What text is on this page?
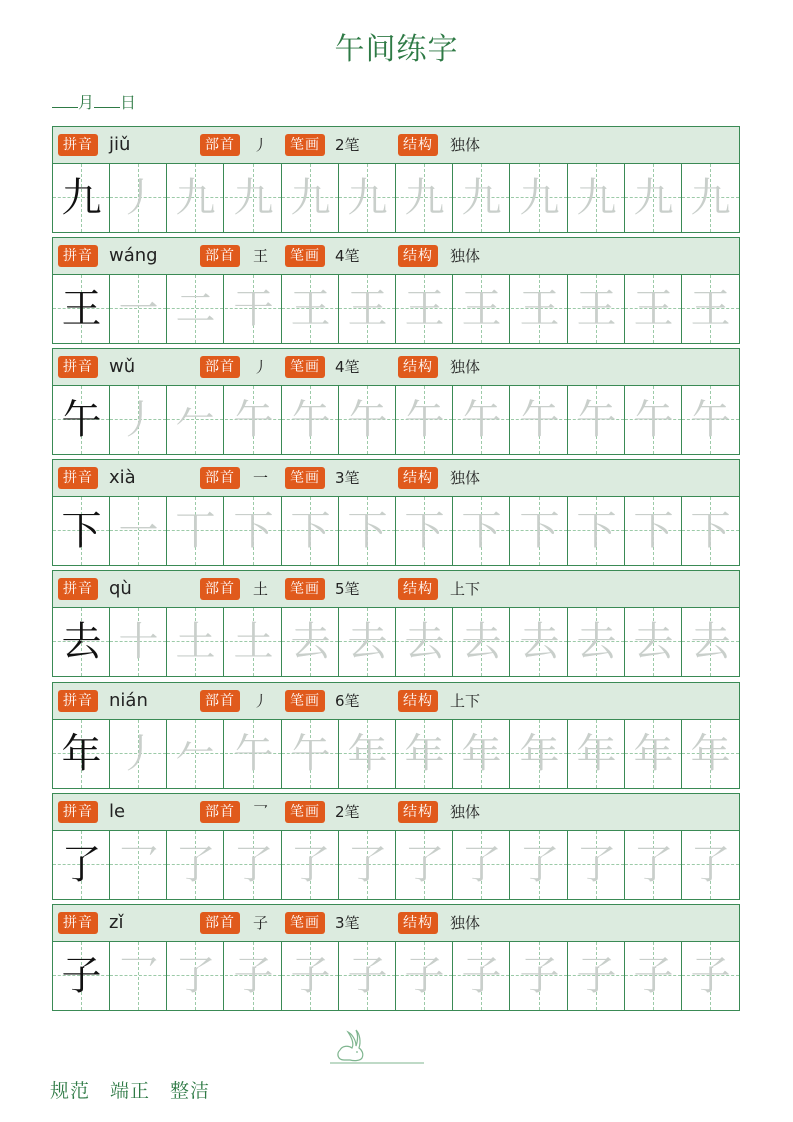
午间练字
月 日
拼音 jiǔ	部首	丿	笔画	2笔	结构	独体
九 丿 九 九 九 九 九 九 九 九 九 九
拼音 wáng	部首	王	笔画	4笔	结构	独体
王 一 二 干 王 王 王 王 王 王 王 王
拼音 wǔ	部首	丿	笔画	4笔	结构	独体
午 丿 𠂉 午 午 午 午 午 午 午 午 午
拼音 xià	部首	一	笔画	3笔	结构	独体
下 一 丅 下 下 下 下 下 下 下 下 下
拼音 qù	部首	土	笔画	5笔	结构	上下
去 十 土 土 去 去 去 去 去 去 去 去
拼音 nián	部首	丿	笔画	6笔	结构	上下
年 丿 𠂉 午 午 年 年 年 年 年 年 年
拼音 le	部首	乛	笔画	2笔	结构	独体
了 乛 了 了 了 了 了 了 了 了 了 了
拼音 zǐ	部首	子	笔画	3笔	结构	独体
子 乛 了 子 子 子 子 子 子 子 子 子
规范　端正　整洁
